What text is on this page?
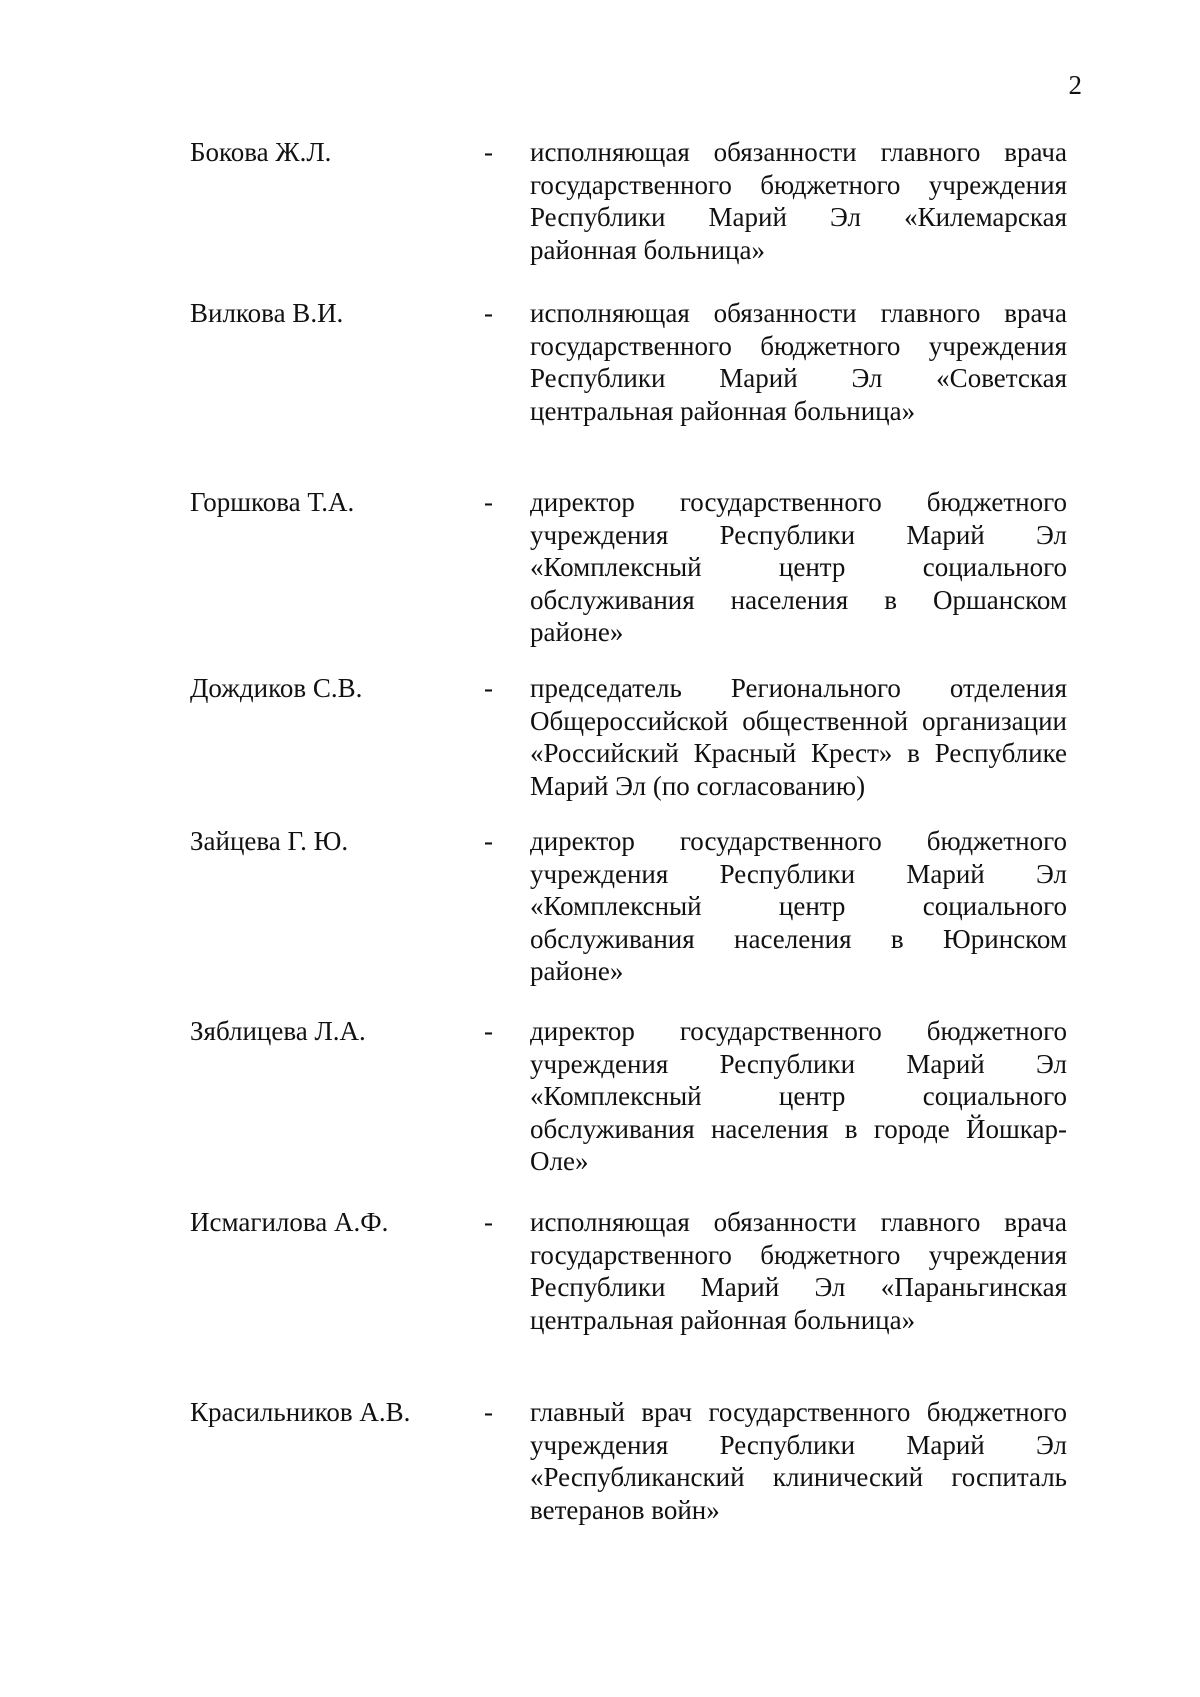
2
Бокова Ж.Л.	- исполняющая обязанности главного врача государственного бюджетного учреждения Республики Марий Эл «Килемарская районная больница»
Вилкова В.И.	- исполняющая обязанности главного врача государственного бюджетного учреждения Республики Марий Эл «Советская центральная районная больница»
Горшкова Т.А.	- директор государственного бюджетного учреждения Республики Марий Эл «Комплексный центр социального обслуживания населения в Оршанском районе»
Дождиков С.В.	- председатель Регионального отделения Общероссийской общественной организации «Российский Красный Крест» в Республике Марий Эл (по согласованию)
Зайцева Г. Ю.	- директор государственного бюджетного учреждения Республики Марий Эл «Комплексный центр социального обслуживания населения в Юринском районе»
Зяблицева Л.А.	- директор государственного бюджетного учреждения Республики Марий Эл «Комплексный центр социального обслуживания населения в городе Йошкар-Оле»
Исмагилова А.Ф.	- исполняющая обязанности главного врача государственного бюджетного учреждения Республики Марий Эл «Параньгинская центральная районная больница»
Красильников А.В.	- главный врач государственного бюджетного учреждения Республики Марий Эл «Республиканский клинический госпиталь ветеранов войн»
